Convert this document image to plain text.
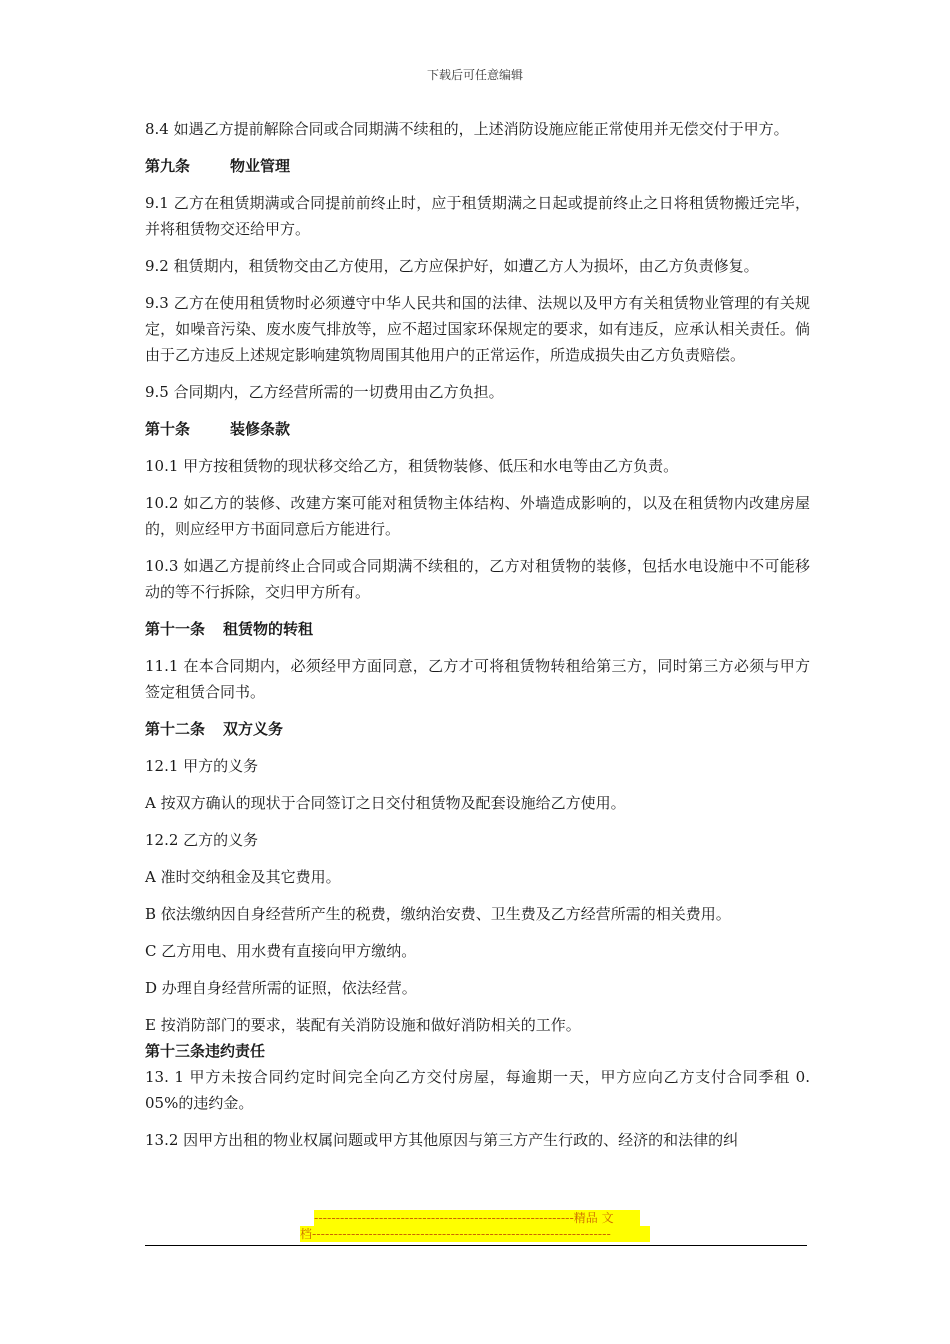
下载后可任意编辑
8.4 如遇乙方提前解除合同或合同期满不续租的，上述消防设施应能正常使用并无偿交付于甲方。
第九条	物业管理
9.1 乙方在租赁期满或合同提前前终止时，应于租赁期满之日起或提前终止之日将租赁物搬迁完毕，并将租赁物交还给甲方。
9.2 租赁期内，租赁物交由乙方使用，乙方应保护好，如遭乙方人为损坏，由乙方负责修复。
9.3 乙方在使用租赁物时必须遵守中华人民共和国的法律、法规以及甲方有关租赁物业管理的有关规定，如噪音污染、废水废气排放等，应不超过国家环保规定的要求，如有违反，应承认相关责任。倘由于乙方违反上述规定影响建筑物周围其他用户的正常运作，所造成损失由乙方负责赔偿。
9.5 合同期内，乙方经营所需的一切费用由乙方负担。
第十条	装修条款
10.1 甲方按租赁物的现状移交给乙方，租赁物装修、低压和水电等由乙方负责。
10.2 如乙方的装修、改建方案可能对租赁物主体结构、外墙造成影响的，以及在租赁物内改建房屋的，则应经甲方书面同意后方能进行。
10.3 如遇乙方提前终止合同或合同期满不续租的，乙方对租赁物的装修，包括水电设施中不可能移动的等不行拆除，交归甲方所有。
第十一条 租赁物的转租
11.1 在本合同期内，必须经甲方面同意，乙方才可将租赁物转租给第三方，同时第三方必须与甲方签定租赁合同书。
第十二条 双方义务
12.1 甲方的义务
A 按双方确认的现状于合同签订之日交付租赁物及配套设施给乙方使用。
12.2 乙方的义务
A 准时交纳租金及其它费用。
B 依法缴纳因自身经营所产生的税费，缴纳治安费、卫生费及乙方经营所需的相关费用。
C 乙方用电、用水费有直接向甲方缴纳。
D 办理自身经营所需的证照，依法经营。
E 按消防部门的要求，装配有关消防设施和做好消防相关的工作。
第十三条违约责任
13. 1 甲方未按合同约定时间完全向乙方交付房屋，每逾期一天，甲方应向乙方支付合同季租 0. 05%的违约金。
13.2 因甲方出租的物业权属问题或甲方其他原因与第三方产生行政的、经济的和法律的纠
------------------------------------------------------------精品 文
档---------------------------------------------------------------------
